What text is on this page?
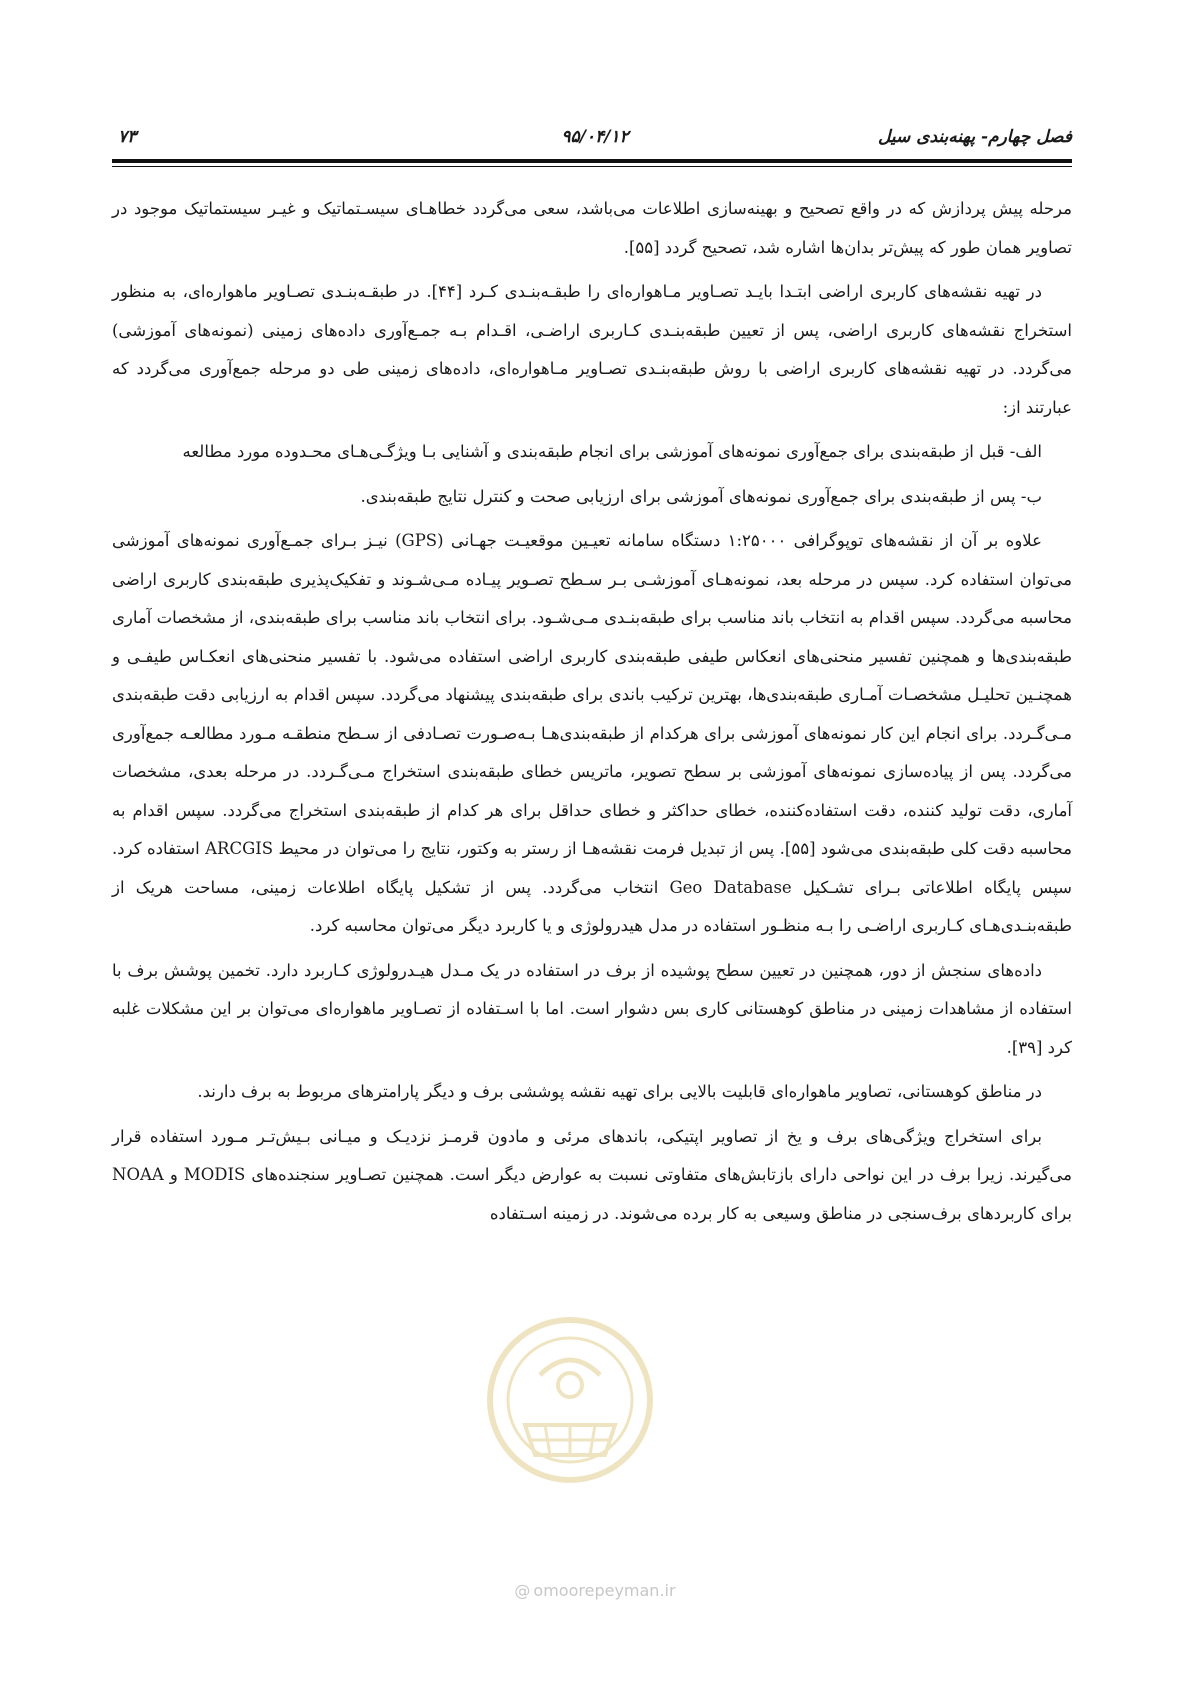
فصل چهارم- پهنه‌بندی سیل
۹۵/۰۴/۱۲
۷۳

مرحله پیش پردازش که در واقع تصحیح و بهینه‌سازی اطلاعات می‌باشد، سعی می‌گردد خطاهـای سیسـتماتیک و غیـر سیستماتیک موجود در تصاویر همان طور که پیش‌تر بدان‌ها اشاره شد، تصحیح گردد [۵۵].

در تهیه نقشه‌های کاربری اراضی ابتـدا بایـد تصـاویر مـاهواره‌ای را طبقـه‌بنـدی کـرد [۴۴]. در طبقـه‌بنـدی تصـاویر ماهواره‌ای، به منظور استخراج نقشه‌های کاربری اراضی، پس از تعیین طبقه‌بنـدی کـاربری اراضـی، اقـدام بـه جمـع‌آوری داده‌های زمینی (نمونه‌های آموزشی) می‌گردد. در تهیه نقشه‌های کاربری اراضی با روش طبقه‌بنـدی تصـاویر مـاهواره‌ای، داده‌های زمینی طی دو مرحله جمع‌آوری می‌گردد که عبارتند از:

الف- قبل از طبقه‌بندی برای جمع‌آوری نمونه‌های آموزشی برای انجام طبقه‌بندی و آشنایی بـا ویژگـی‌هـای محـدوده مورد مطالعه

ب- پس از طبقه‌بندی برای جمع‌آوری نمونه‌های آموزشی برای ارزیابی صحت و کنترل نتایج طبقه‌بندی.

علاوه بر آن از نقشه‌های توپوگرافی ۱:۲۵۰۰۰ دستگاه سامانه تعیـین موقعیـت جهـانی (GPS) نیـز بـرای جمـع‌آوری نمونه‌های آموزشی می‌توان استفاده کرد. سپس در مرحله بعد، نمونه‌هـای آموزشـی بـر سـطح تصـویر پیـاده مـی‌شـوند و تفکیک‌پذیری طبقه‌بندی کاربری اراضی محاسبه می‌گردد. سپس اقدام به انتخاب باند مناسب برای طبقه‌بنـدی مـی‌شـود. برای انتخاب باند مناسب برای طبقه‌بندی، از مشخصات آماری طبقه‌بندی‌ها و همچنین تفسیر منحنی‌های انعکاس طیفی طبقه‌بندی کاربری اراضی استفاده می‌شود. با تفسیر منحنی‌های انعکـاس طیفـی و همچنـین تحلیـل مشخصـات آمـاری طبقه‌بندی‌ها، بهترین ترکیب باندی برای طبقه‌بندی پیشنهاد می‌گردد. سپس اقدام به ارزیابی دقت طبقه‌بندی مـی‌گـردد. برای انجام این کار نمونه‌های آموزشی برای هرکدام از طبقه‌بندی‌هـا بـه‌صـورت تصـادفی از سـطح منطقـه مـورد مطالعـه جمع‌آوری می‌گردد. پس از پیاده‌سازی نمونه‌های آموزشی بر سطح تصویر، ماتریس خطای طبقه‌بندی استخراج مـی‌گـردد. در مرحله بعدی، مشخصات آماری، دقت تولید کننده، دقت استفاده‌کننده، خطای حداکثر و خطای حداقل برای هر کدام از طبقه‌بندی استخراج می‌گردد. سپس اقدام به محاسبه دقت کلی طبقه‌بندی می‌شود [۵۵]. پس از تبدیل فرمت نقشه‌هـا از رستر به وکتور، نتایج را می‌توان در محیط ARCGIS استفاده کرد. سپس پایگاه اطلاعاتی بـرای تشـکیل Geo Database انتخاب می‌گردد. پس از تشکیل پایگاه اطلاعات زمینی، مساحت هریک از طبقه‌بنـدی‌هـای کـاربری اراضـی را بـه منظـور استفاده در مدل هیدرولوژی و یا کاربرد دیگر می‌توان محاسبه کرد.

داده‌های سنجش از دور، همچنین در تعیین سطح پوشیده از برف در استفاده در یک مـدل هیـدرولوژی کـاربرد دارد. تخمین پوشش برف با استفاده از مشاهدات زمینی در مناطق کوهستانی کاری بس دشوار است. اما با اسـتفاده از تصـاویر ماهواره‌ای می‌توان بر این مشکلات غلبه کرد [۳۹].

در مناطق کوهستانی، تصاویر ماهواره‌ای قابلیت بالایی برای تهیه نقشه پوششی برف و دیگر پارامترهای مربوط به برف دارند.

برای استخراج ویژگی‌های برف و یخ از تصاویر اپتیکی، باندهای مرئی و مادون قرمـز نزدیـک و میـانی بـیش‌تـر مـورد استفاده قرار می‌گیرند. زیرا برف در این نواحی دارای بازتابش‌های متفاوتی نسبت به عوارض دیگر است. همچنین تصـاویر سنجنده‌های MODIS و NOAA برای کاربردهای برف‌سنجی در مناطق وسیعی به کار برده می‌شوند. در زمینه اسـتفاده

@ omoorepeyman.ir
